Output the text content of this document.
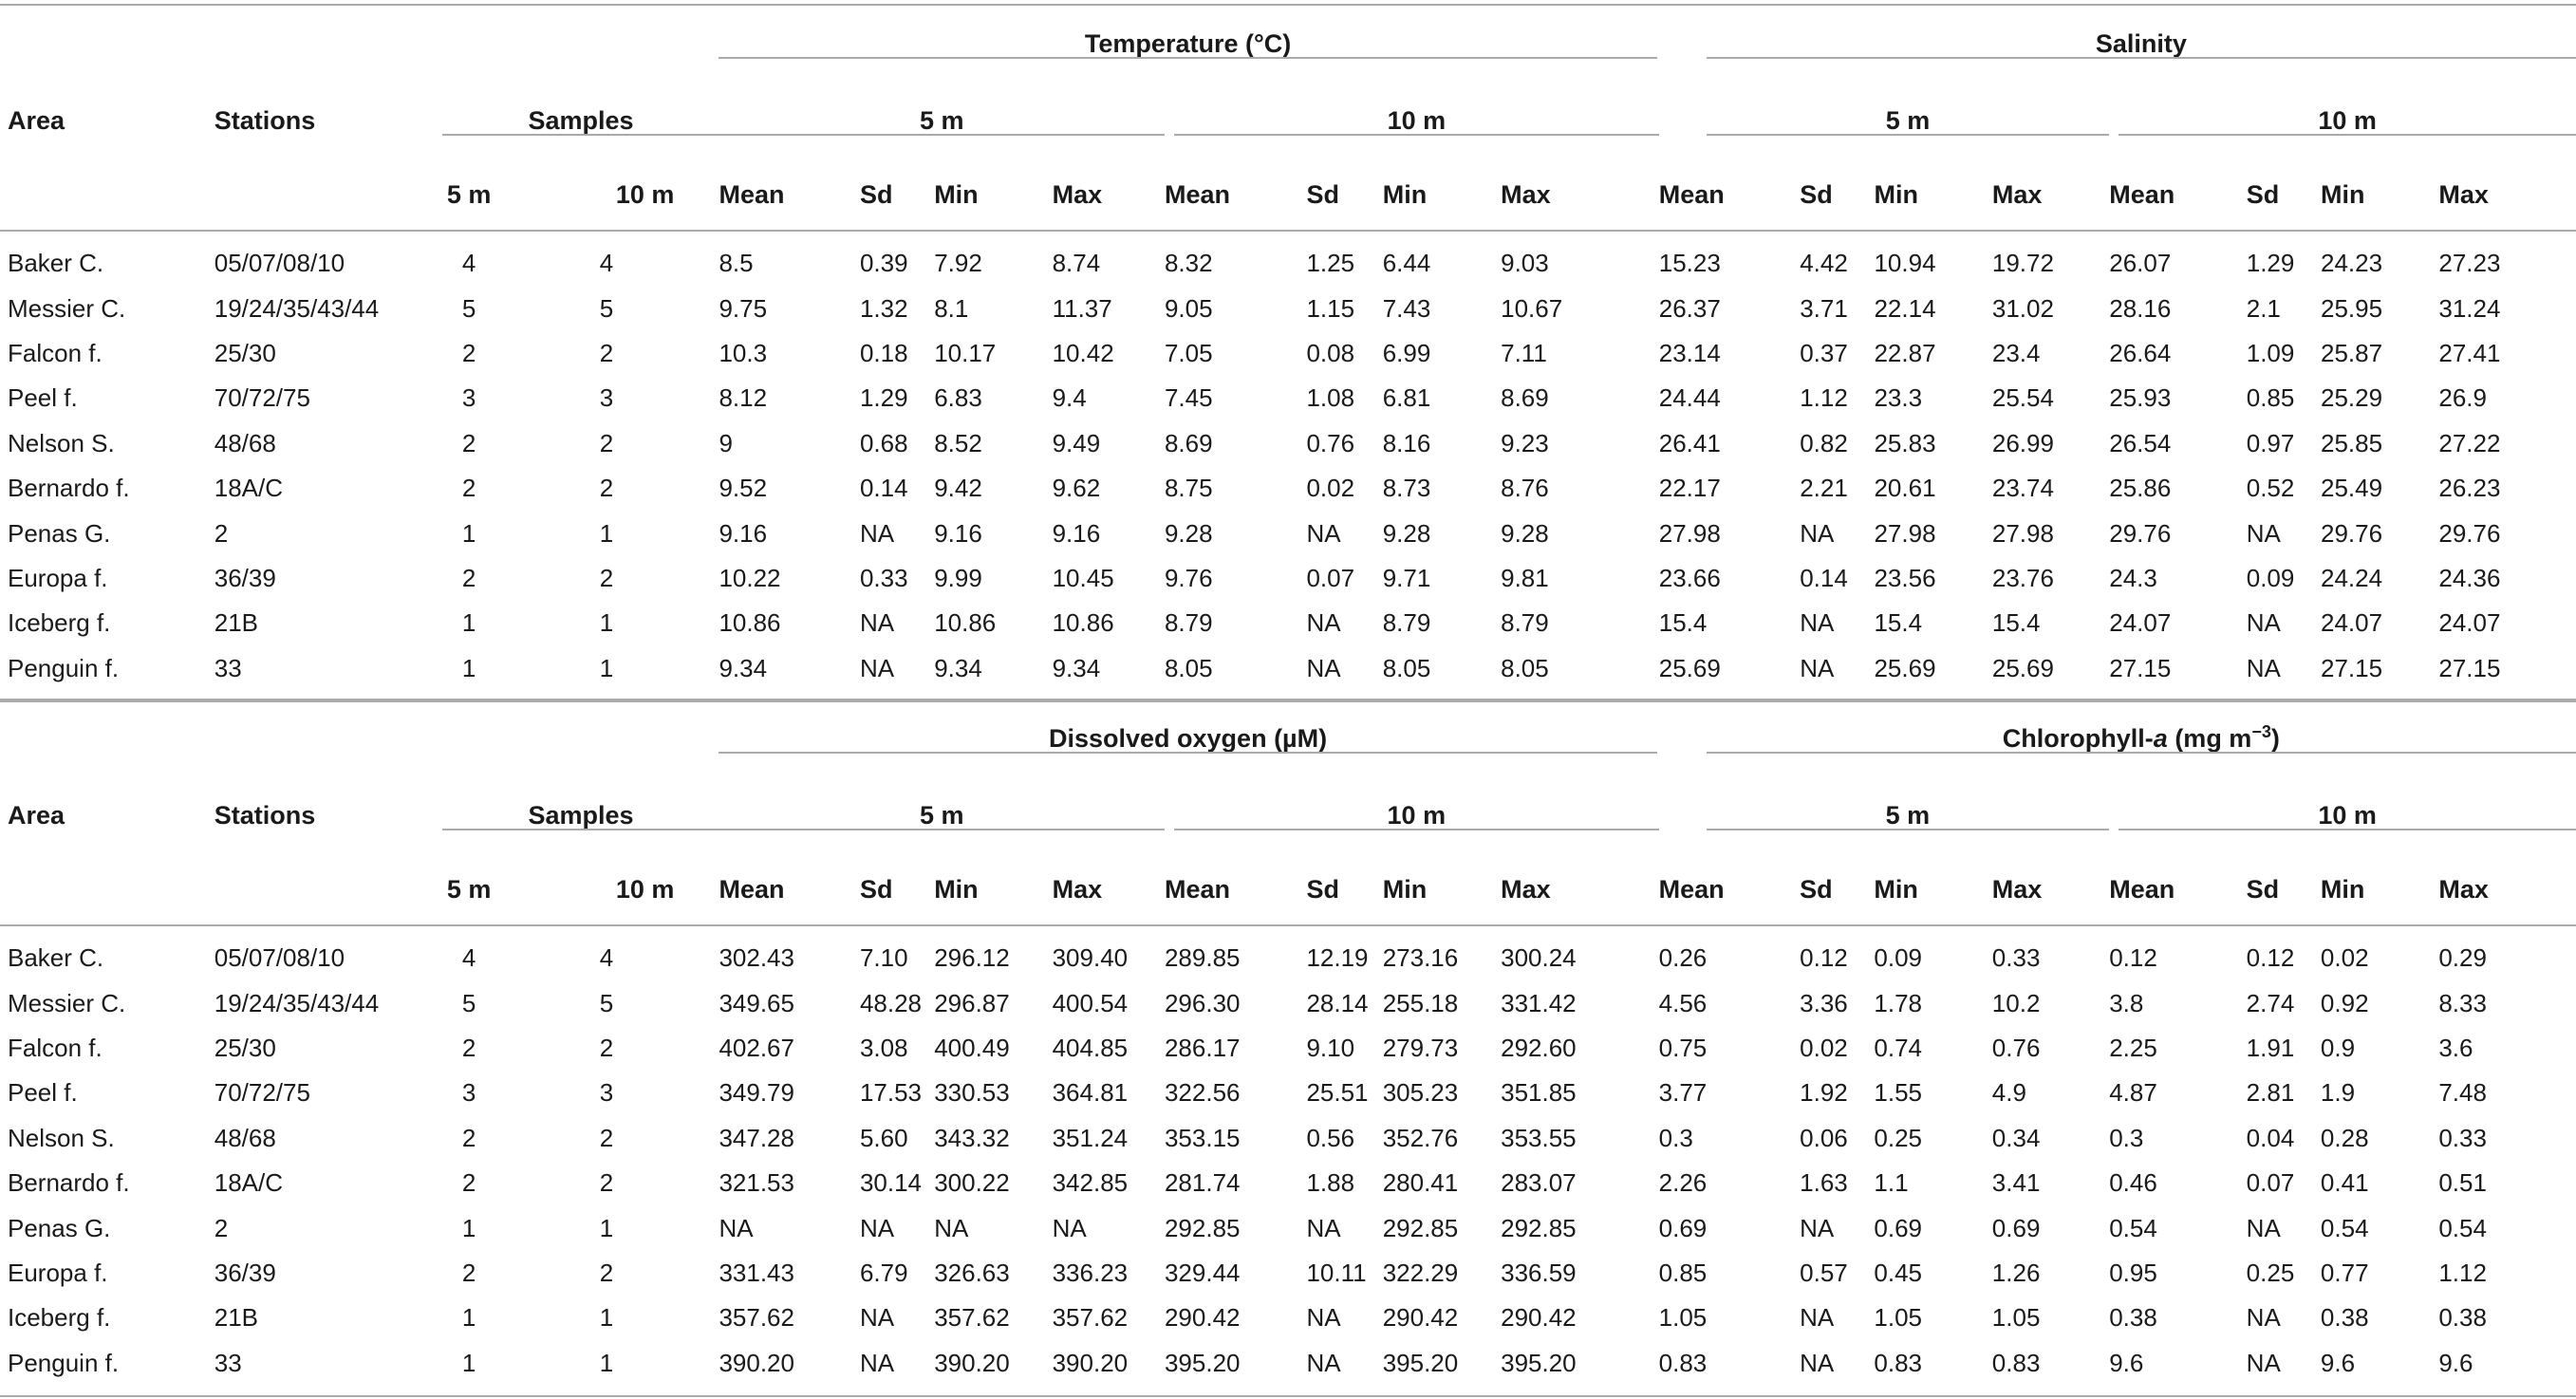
				Temperature (°C)								Salinity							

Area	Stations	Samples		5 m				10 m				5 m				10 m			

		5 m	10 m	Mean	Sd	Min	Max	Mean	Sd	Min	Max	Mean	Sd	Min	Max	Mean	Sd	Min	Max
Baker C.	05/07/08/10	4	4	8.5	0.39	7.92	8.74	8.32	1.25	6.44	9.03	15.23	4.42	10.94	19.72	26.07	1.29	24.23	27.23
Messier C.	19/24/35/43/44	5	5	9.75	1.32	8.1	11.37	9.05	1.15	7.43	10.67	26.37	3.71	22.14	31.02	28.16	2.1	25.95	31.24
Falcon f.	25/30	2	2	10.3	0.18	10.17	10.42	7.05	0.08	6.99	7.11	23.14	0.37	22.87	23.4	26.64	1.09	25.87	27.41
Peel f.	70/72/75	3	3	8.12	1.29	6.83	9.4	7.45	1.08	6.81	8.69	24.44	1.12	23.3	25.54	25.93	0.85	25.29	26.9
Nelson S.	48/68	2	2	9	0.68	8.52	9.49	8.69	0.76	8.16	9.23	26.41	0.82	25.83	26.99	26.54	0.97	25.85	27.22
Bernardo f.	18A/C	2	2	9.52	0.14	9.42	9.62	8.75	0.02	8.73	8.76	22.17	2.21	20.61	23.74	25.86	0.52	25.49	26.23
Penas G.	2	1	1	9.16	NA	9.16	9.16	9.28	NA	9.28	9.28	27.98	NA	27.98	27.98	29.76	NA	29.76	29.76
Europa f.	36/39	2	2	10.22	0.33	9.99	10.45	9.76	0.07	9.71	9.81	23.66	0.14	23.56	23.76	24.3	0.09	24.24	24.36
Iceberg f.	21B	1	1	10.86	NA	10.86	10.86	8.79	NA	8.79	8.79	15.4	NA	15.4	15.4	24.07	NA	24.07	24.07
Penguin f.	33	1	1	9.34	NA	9.34	9.34	8.05	NA	8.05	8.05	25.69	NA	25.69	25.69	27.15	NA	27.15	27.15

				Dissolved oxygen (µM)								Chlorophyll-a (mg $m^{-3}$)							

Area	Stations	Samples		5 m				10 m				5 m				10 m			

		5 m	10 m	Mean	Sd	Min	Max	Mean	Sd	Min	Max	Mean	Sd	Min	Max	Mean	Sd	Min	Max
Baker C.	05/07/08/10	4	4	302.43	7.10	296.12	309.40	289.85	12.19	273.16	300.24	0.26	0.12	0.09	0.33	0.12	0.12	0.02	0.29
Messier C.	19/24/35/43/44	5	5	349.65	48.28	296.87	400.54	296.30	28.14	255.18	331.42	4.56	3.36	1.78	10.2	3.8	2.74	0.92	8.33
Falcon f.	25/30	2	2	402.67	3.08	400.49	404.85	286.17	9.10	279.73	292.60	0.75	0.02	0.74	0.76	2.25	1.91	0.9	3.6
Peel f.	70/72/75	3	3	349.79	17.53	330.53	364.81	322.56	25.51	305.23	351.85	3.77	1.92	1.55	4.9	4.87	2.81	1.9	7.48
Nelson S.	48/68	2	2	347.28	5.60	343.32	351.24	353.15	0.56	352.76	353.55	0.3	0.06	0.25	0.34	0.3	0.04	0.28	0.33
Bernardo f.	18A/C	2	2	321.53	30.14	300.22	342.85	281.74	1.88	280.41	283.07	2.26	1.63	1.1	3.41	0.46	0.07	0.41	0.51
Penas G.	2	1	1	NA	NA	NA	NA	292.85	NA	292.85	292.85	0.69	NA	0.69	0.69	0.54	NA	0.54	0.54
Europa f.	36/39	2	2	331.43	6.79	326.63	336.23	329.44	10.11	322.29	336.59	0.85	0.57	0.45	1.26	0.95	0.25	0.77	1.12
Iceberg f.	21B	1	1	357.62	NA	357.62	357.62	290.42	NA	290.42	290.42	1.05	NA	1.05	1.05	0.38	NA	0.38	0.38
Penguin f.	33	1	1	390.20	NA	390.20	390.20	395.20	NA	395.20	395.20	0.83	NA	0.83	0.83	9.6	NA	9.6	9.6
